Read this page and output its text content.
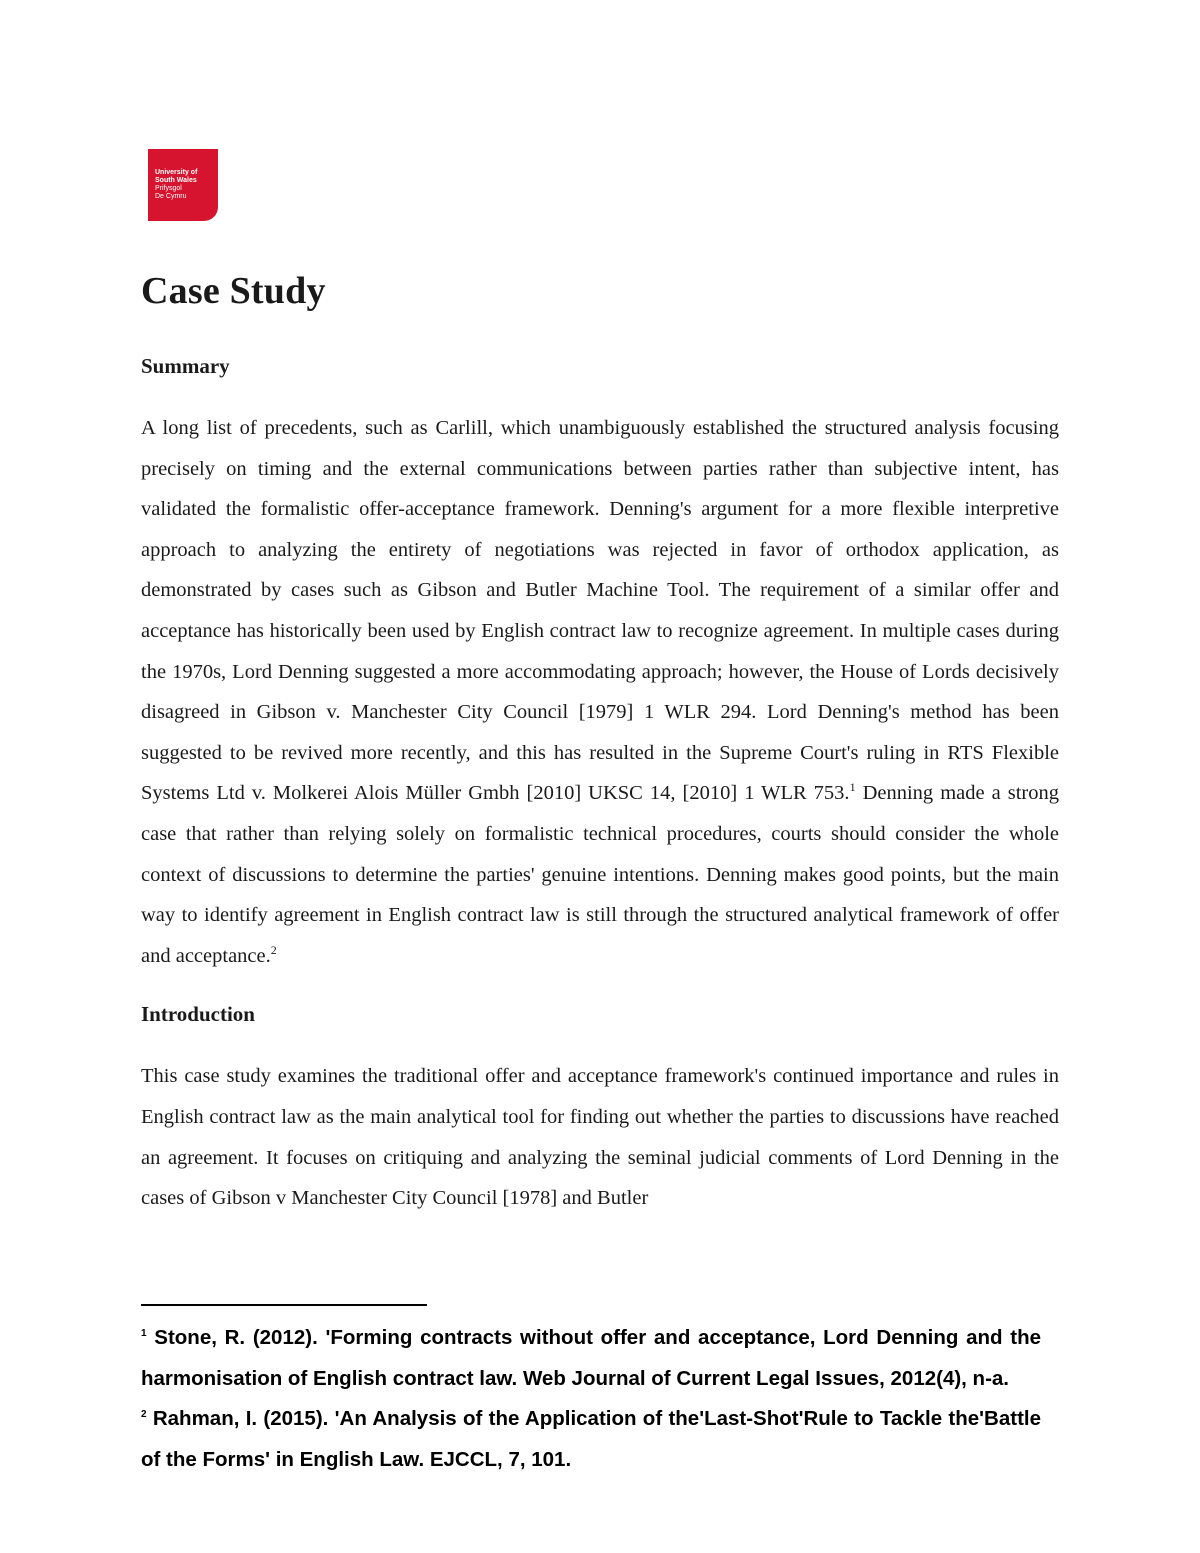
University of
South Wales
Prifysgol
De Cymru
Case Study
Summary

A long list of precedents, such as Carlill, which unambiguously established the structured analysis focusing precisely on timing and the external communications between parties rather than subjective intent, has validated the formalistic offer-acceptance framework. Denning's argument for a more flexible interpretive approach to analyzing the entirety of negotiations was rejected in favor of orthodox application, as demonstrated by cases such as Gibson and Butler Machine Tool. The requirement of a similar offer and acceptance has historically been used by English contract law to recognize agreement. In multiple cases during the 1970s, Lord Denning suggested a more accommodating approach; however, the House of Lords decisively disagreed in Gibson v. Manchester City Council [1979] 1 WLR 294. Lord Denning's method has been suggested to be revived more recently, and this has resulted in the Supreme Court's ruling in RTS Flexible Systems Ltd v. Molkerei Alois Müller Gmbh [2010] UKSC 14, [2010] 1 WLR 753.$^1$ Denning made a strong case that rather than relying solely on formalistic technical procedures, courts should consider the whole context of discussions to determine the parties' genuine intentions. Denning makes good points, but the main way to identify agreement in English contract law is still through the structured analytical framework of offer and acceptance.$^2$

Introduction

This case study examines the traditional offer and acceptance framework's continued importance and rules in English contract law as the main analytical tool for finding out whether the parties to discussions have reached an agreement. It focuses on critiquing and analyzing the seminal judicial comments of Lord Denning in the cases of Gibson v Manchester City Council [1978] and Butler

$^1$ Stone, R. (2012). 'Forming contracts without offer and acceptance, Lord Denning and the harmonisation of English contract law. Web Journal of Current Legal Issues, 2012(4), n-a.

$^2$ Rahman, I. (2015). 'An Analysis of the Application of the'Last-Shot'Rule to Tackle the'Battle of the Forms' in English Law. EJCCL, 7, 101.
